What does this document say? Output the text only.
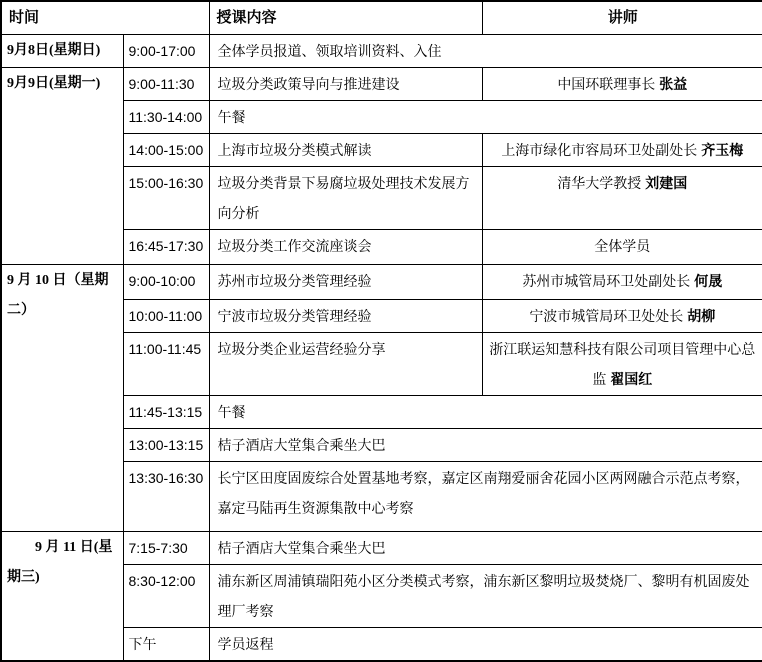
时间		授课内容	讲师
9月8日(星期日)	9:00-17:00	全体学员报道、领取培训资料、入住	
9月9日(星期一)	9:00-11:30	垃圾分类政策导向与推进建设	中国环联理事长 张益
	11:30-14:00	午餐	
	14:00-15:00	上海市垃圾分类模式解读	上海市绿化市容局环卫处副处长 齐玉梅
	15:00-16:30	垃圾分类背景下易腐垃圾处理技术发展方向分析	清华大学教授 刘建国
	16:45-17:30	垃圾分类工作交流座谈会	全体学员
9 月 10 日（星期二）	9:00-10:00	苏州市垃圾分类管理经验	苏州市城管局环卫处副处长 何晟
	10:00-11:00	宁波市垃圾分类管理经验	宁波市城管局环卫处处长 胡柳
	11:00-11:45	垃圾分类企业运营经验分享	浙江联运知慧科技有限公司项目管理中心总监 翟国红
	11:45-13:15	午餐	
	13:00-13:15	桔子酒店大堂集合乘坐大巴	
	13:30-16:30	长宁区田度固废综合处置基地考察，嘉定区南翔爱丽舍花园小区两网融合示范点考察，嘉定马陆再生资源集散中心考察	
9 月 11 日(星期三)	7:15-7:30	桔子酒店大堂集合乘坐大巴	
	8:30-12:00	浦东新区周浦镇瑞阳苑小区分类模式考察，浦东新区黎明垃圾焚烧厂、黎明有机固废处理厂考察	
	下午	学员返程	
